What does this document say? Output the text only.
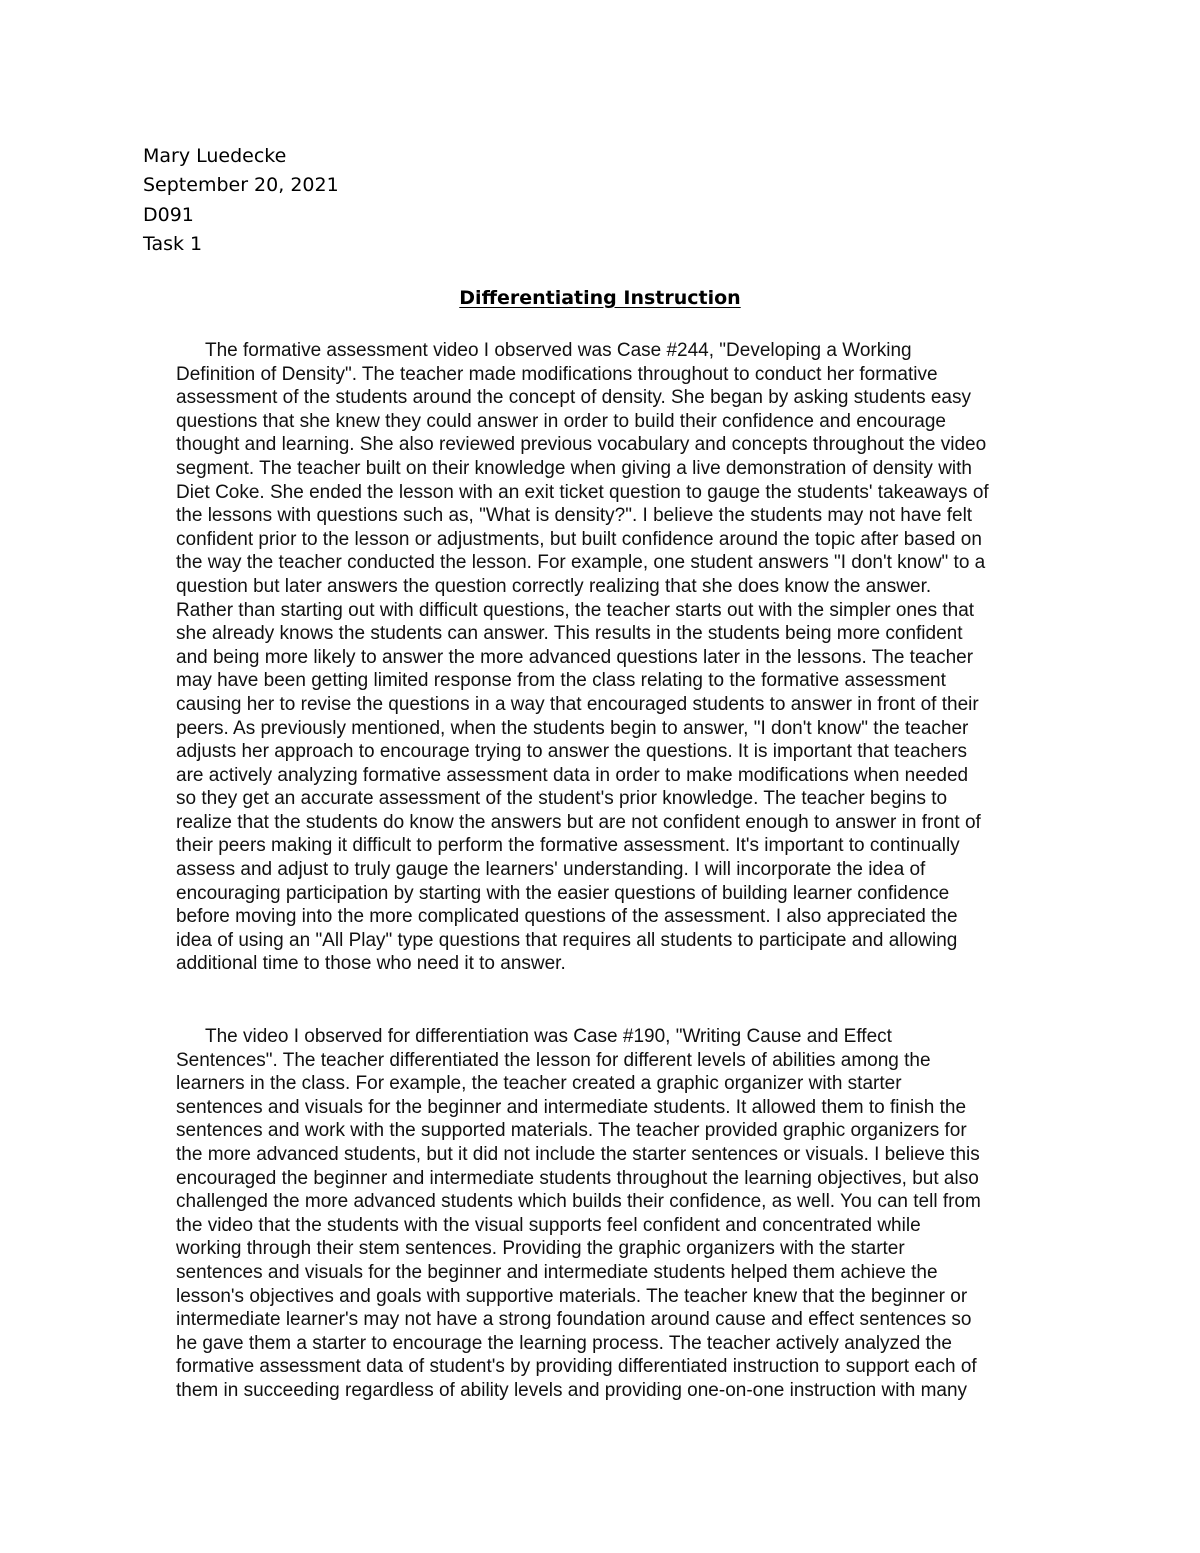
Mary Luedecke
September 20, 2021
D091
Task 1
Differentiating Instruction
The formative assessment video I observed was Case #244, "Developing a Working
Definition of Density". The teacher made modifications throughout to conduct her formative
assessment of the students around the concept of density. She began by asking students easy
questions that she knew they could answer in order to build their confidence and encourage
thought and learning. She also reviewed previous vocabulary and concepts throughout the video
segment. The teacher built on their knowledge when giving a live demonstration of density with
Diet Coke. She ended the lesson with an exit ticket question to gauge the students' takeaways of
the lessons with questions such as, "What is density?". I believe the students may not have felt
confident prior to the lesson or adjustments, but built confidence around the topic after based on
the way the teacher conducted the lesson. For example, one student answers "I don't know" to a
question but later answers the question correctly realizing that she does know the answer.
Rather than starting out with difficult questions, the teacher starts out with the simpler ones that
she already knows the students can answer. This results in the students being more confident
and being more likely to answer the more advanced questions later in the lessons. The teacher
may have been getting limited response from the class relating to the formative assessment
causing her to revise the questions in a way that encouraged students to answer in front of their
peers. As previously mentioned, when the students begin to answer, "I don't know" the teacher
adjusts her approach to encourage trying to answer the questions. It is important that teachers
are actively analyzing formative assessment data in order to make modifications when needed
so they get an accurate assessment of the student's prior knowledge. The teacher begins to
realize that the students do know the answers but are not confident enough to answer in front of
their peers making it difficult to perform the formative assessment. It's important to continually
assess and adjust to truly gauge the learners' understanding. I will incorporate the idea of
encouraging participation by starting with the easier questions of building learner confidence
before moving into the more complicated questions of the assessment. I also appreciated the
idea of using an "All Play" type questions that requires all students to participate and allowing
additional time to those who need it to answer.
The video I observed for differentiation was Case #190, "Writing Cause and Effect
Sentences". The teacher differentiated the lesson for different levels of abilities among the
learners in the class. For example, the teacher created a graphic organizer with starter
sentences and visuals for the beginner and intermediate students. It allowed them to finish the
sentences and work with the supported materials. The teacher provided graphic organizers for
the more advanced students, but it did not include the starter sentences or visuals. I believe this
encouraged the beginner and intermediate students throughout the learning objectives, but also
challenged the more advanced students which builds their confidence, as well. You can tell from
the video that the students with the visual supports feel confident and concentrated while
working through their stem sentences. Providing the graphic organizers with the starter
sentences and visuals for the beginner and intermediate students helped them achieve the
lesson's objectives and goals with supportive materials. The teacher knew that the beginner or
intermediate learner's may not have a strong foundation around cause and effect sentences so
he gave them a starter to encourage the learning process. The teacher actively analyzed the
formative assessment data of student's by providing differentiated instruction to support each of
them in succeeding regardless of ability levels and providing one-on-one instruction with many
